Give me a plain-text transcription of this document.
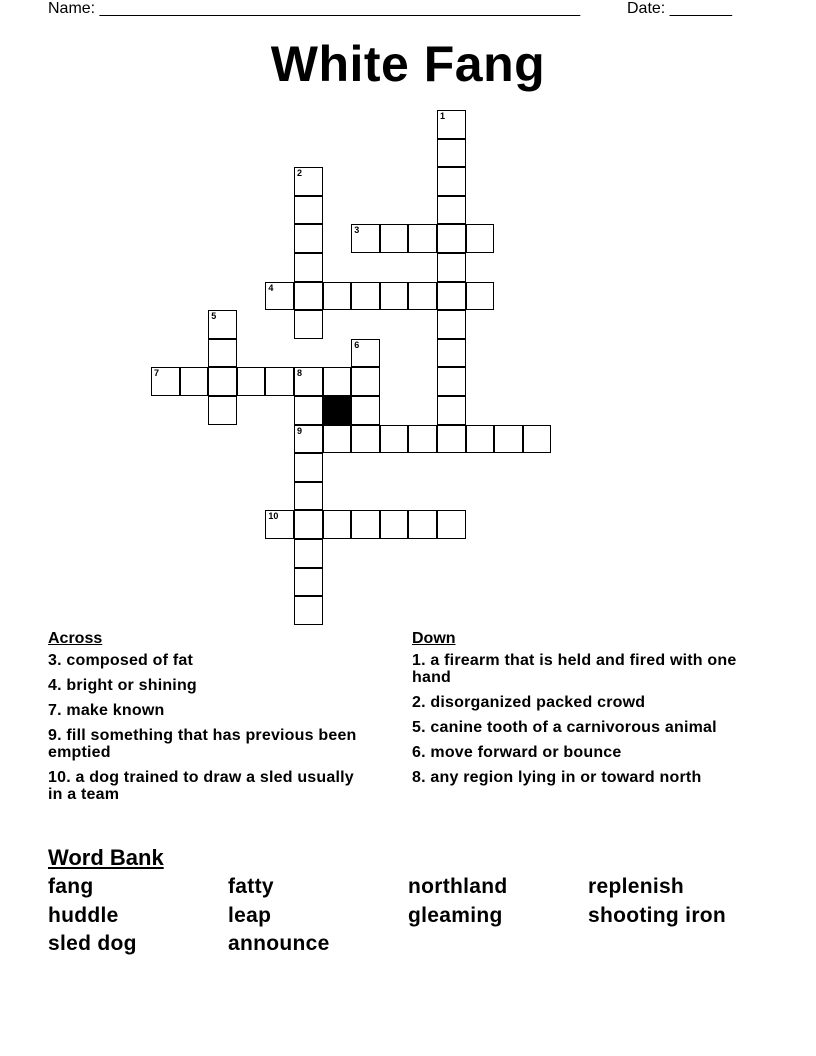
Name: ______________________________________________________	Date: _______
White Fang
1
2
3
4
5
6
7	8
9
10
Across
3. composed of fat
4. bright or shining
7. make known
9. fill something that has previous been emptied
10. a dog trained to draw a sled usually in a team
Down
1. a firearm that is held and fired with one hand
2. disorganized packed crowd
5. canine tooth of a carnivorous animal
6. move forward or bounce
8. any region lying in or toward north
Word Bank
fang	fatty	northland	replenish
huddle	leap	gleaming	shooting iron
sled dog	announce
